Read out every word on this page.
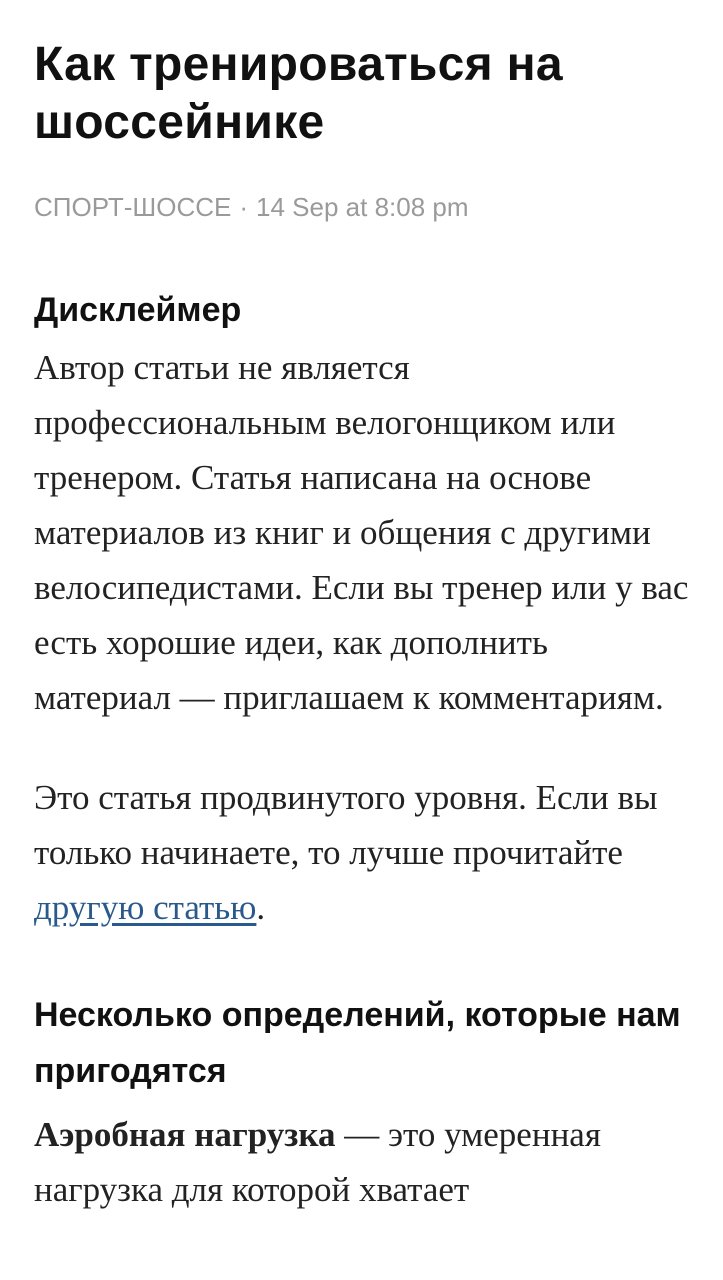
Как тренироваться на шоссейнике
СПОРТ-ШОССЕ · 14 Sep at 8:08 pm
Дисклеймер

Автор статьи не является профессиональным велогонщиком или тренером. Статья написана на основе материалов из книг и общения с другими велосипедистами. Если вы тренер или у вас есть хорошие идеи, как дополнить материал — приглашаем к комментариям.

Это статья продвинутого уровня. Если вы только начинаете, то лучше прочитайте другую статью.

Несколько определений, которые нам пригодятся

Аэробная нагрузка — это умеренная нагрузка для которой хватает
